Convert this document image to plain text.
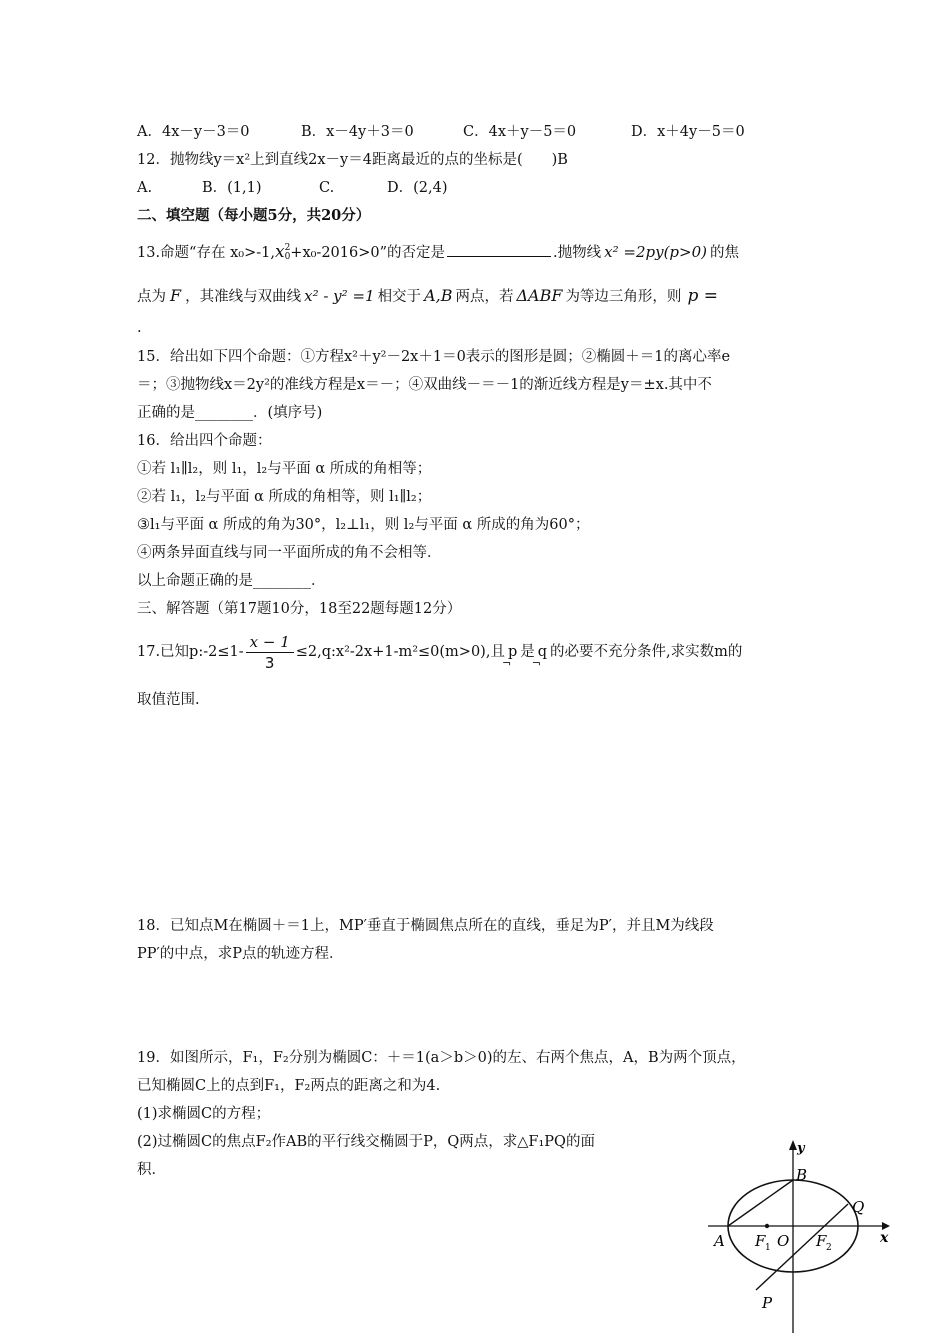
A．4x－y－3＝0	B．x－4y＋3＝0	C．4x＋y－5＝0	D．x＋4y－5＝0
12．抛物线y＝x²上到直线2x－y＝4距离最近的点的坐标是(　　)B
A.	B．(1,1)	C.	D．(2,4)
二、填空题（每小题5分，共20分）
13.命题“存在 x₀>-1,x 2
0 +x₀-2016>0”的否定是	.抛物线 x² =2py(p>0) 的焦
点为 F ，其准线与双曲线 x² - y² =1 相交于 A,B 两点，若 ΔABF 为等边三角形，则 p =
.
15．给出如下四个命题：①方程x²＋y²－2x＋1＝0表示的图形是圆；②椭圆＋＝1的离心率e
＝；③抛物线x＝2y²的准线方程是x＝－；④双曲线－＝－1的渐近线方程是y＝±x.其中不
正确的是________．(填序号)
16．给出四个命题：
①若 l₁∥l₂，则 l₁，l₂与平面 α 所成的角相等；
②若 l₁，l₂与平面 α 所成的角相等，则 l₁∥l₂；
③l₁与平面 α 所成的角为30°，l₂⊥l₁，则 l₂与平面 α 所成的角为60°；
④两条异面直线与同一平面所成的角不会相等．
以上命题正确的是________．
三、解答题（第17题10分，18至22题每题12分）
17.已知p:-2≤1- $\frac{x - 1}{3}$ ≤2,q:x²-2x+1-m²≤0(m>0),且 p
¬
是 q
¬
的必要不充分条件,求实数m的
取值范围.
18．已知点M在椭圆＋＝1上，MP′垂直于椭圆焦点所在的直线，垂足为P′，并且M为线段
PP′的中点，求P点的轨迹方程．
19．如图所示，F₁，F₂分别为椭圆C：＋＝1(a＞b＞0)的左、右两个焦点，A，B为两个顶点，
已知椭圆C上的点到F₁，F₂两点的距离之和为4.
(1)求椭圆C的方程；
(2)过椭圆C的焦点F₂作AB的平行线交椭圆于P，Q两点，求△F₁PQ的面
积．
y
x
B
Q
A F 1 O F 2
P
